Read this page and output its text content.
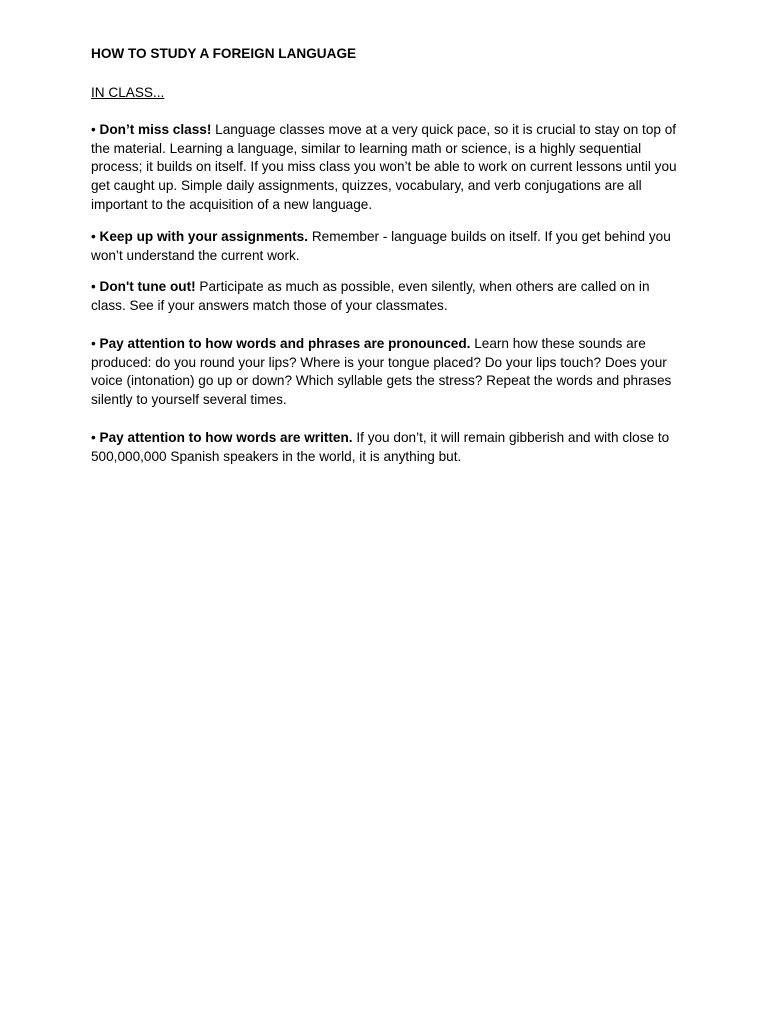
HOW TO STUDY A FOREIGN LANGUAGE

IN CLASS...

• Don’t miss class! Language classes move at a very quick pace, so it is crucial to stay on top of the material. Learning a language, similar to learning math or science, is a highly sequential process; it builds on itself. If you miss class you won’t be able to work on current lessons until you get caught up. Simple daily assignments, quizzes, vocabulary, and verb conjugations are all important to the acquisition of a new language.

• Keep up with your assignments. Remember - language builds on itself. If you get behind you won’t understand the current work.

• Don't tune out! Participate as much as possible, even silently, when others are called on in class. See if your answers match those of your classmates.

• Pay attention to how words and phrases are pronounced. Learn how these sounds are produced: do you round your lips? Where is your tongue placed? Do your lips touch? Does your voice (intonation) go up or down? Which syllable gets the stress? Repeat the words and phrases silently to yourself several times.

• Pay attention to how words are written. If you don’t, it will remain gibberish and with close to 500,000,000 Spanish speakers in the world, it is anything but.
